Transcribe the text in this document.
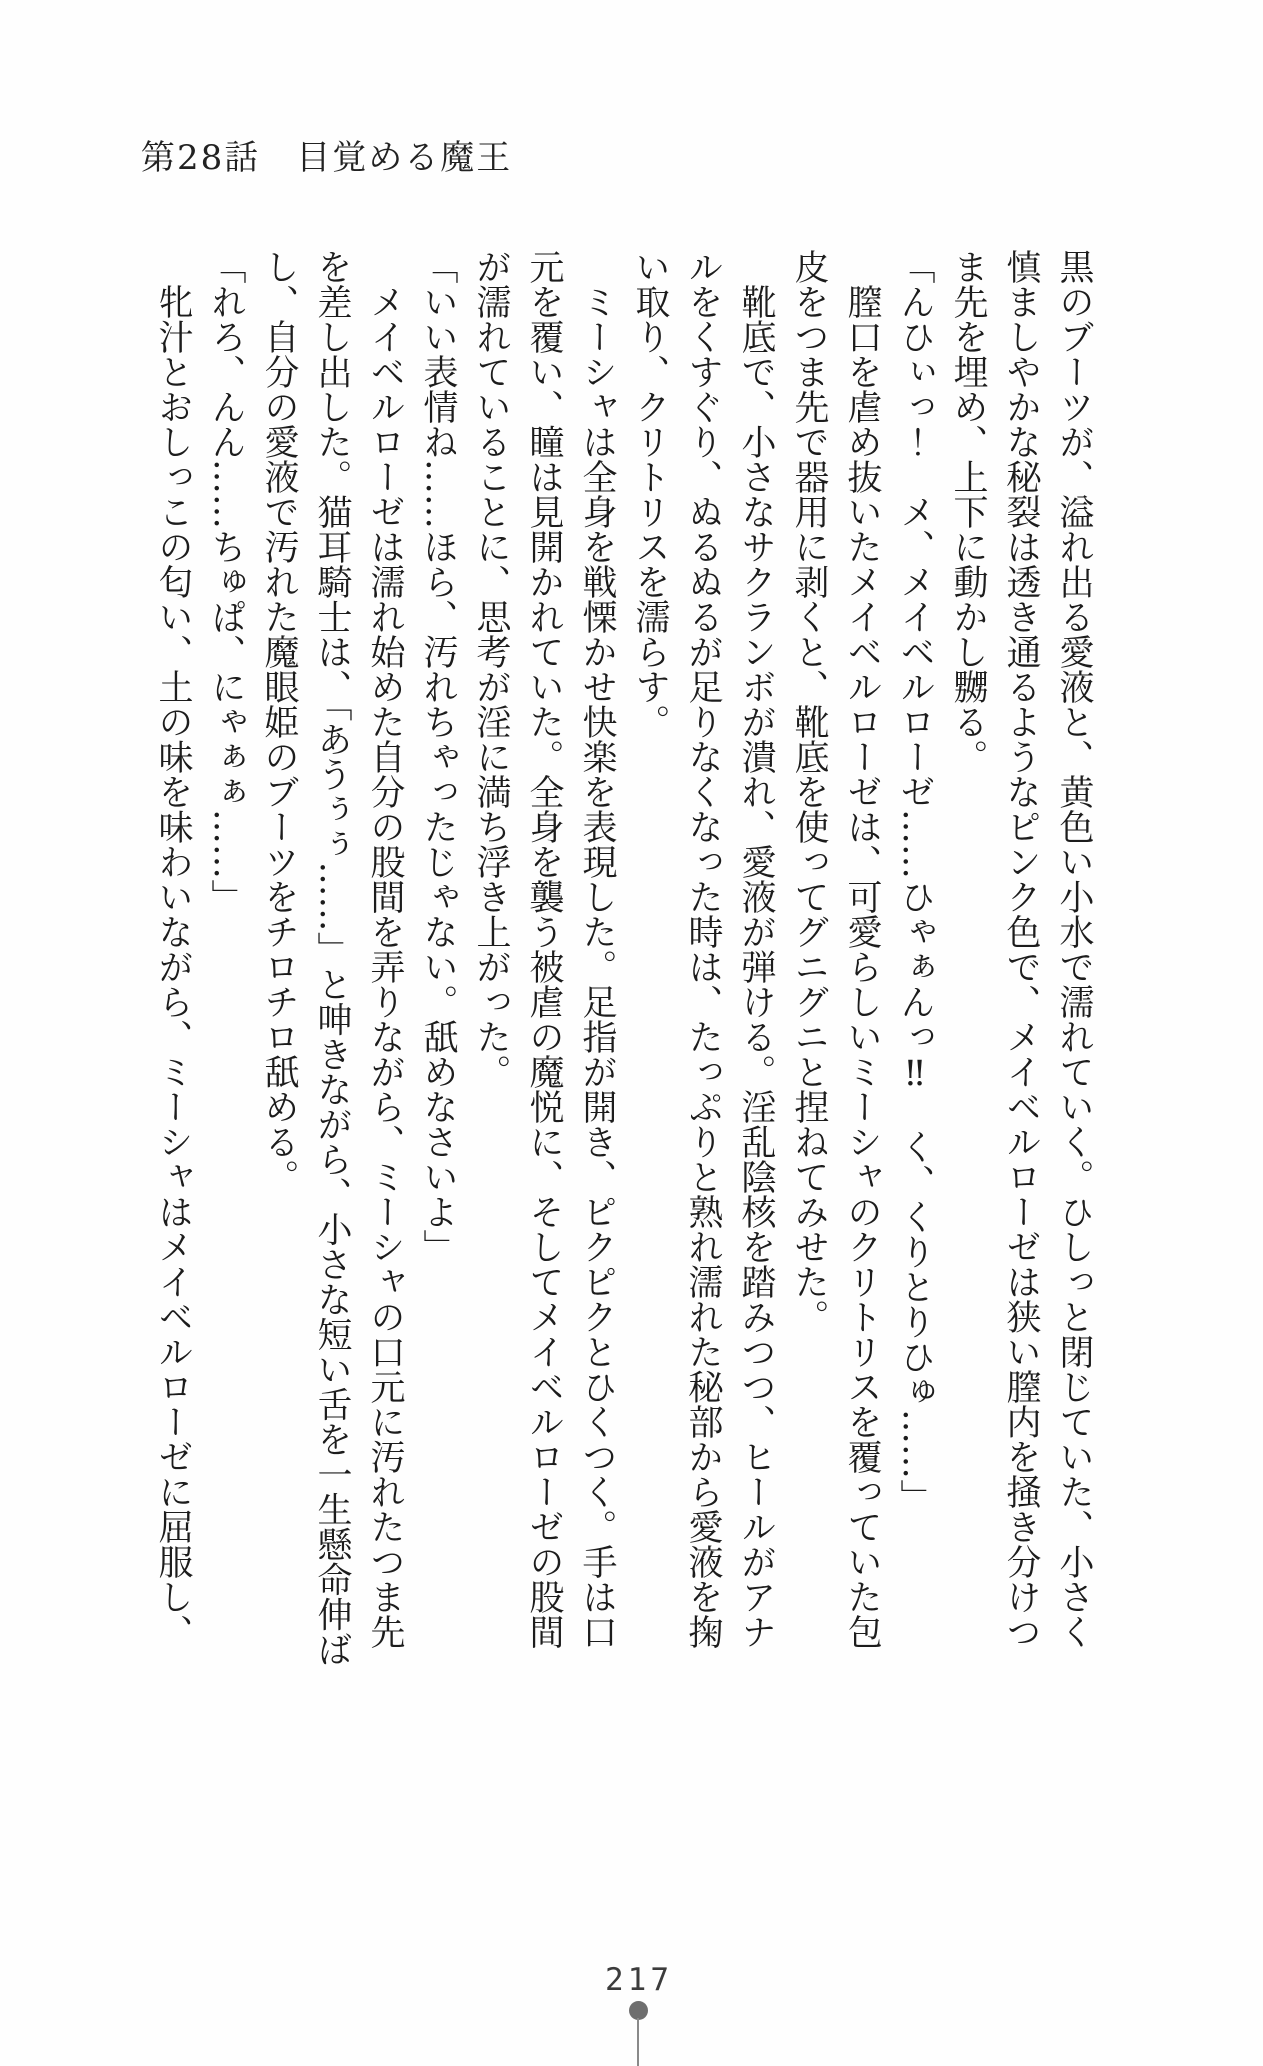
第28話　目覚める魔王

黒のブーツが、溢れ出る愛液と、黄色い小水で濡れていく。ひしっと閉じていた、小さく慎ましやかな秘裂は透き通るようなピンク色で、メイベルローゼは狭い膣内を掻き分けつま先を埋め、上下に動かし嬲る。

「んひぃっ！　メ、メイベルローゼ……ひゃぁんっ‼　く、くりとりひゅ……」

膣口を虐め抜いたメイベルローゼは、可愛らしいミーシャのクリトリスを覆っていた包皮をつま先で器用に剥くと、靴底を使ってグニグニと捏ねてみせた。

靴底で、小さなサクランボが潰れ、愛液が弾ける。淫乱陰核を踏みつつ、ヒールがアナルをくすぐり、ぬるぬるが足りなくなった時は、たっぷりと熟れ濡れた秘部から愛液を掬い取り、クリトリスを濡らす。

ミーシャは全身を戦慄かせ快楽を表現した。足指が開き、ピクピクとひくつく。手は口元を覆い、瞳は見開かれていた。全身を襲う被虐の魔悦に、そしてメイベルローゼの股間が濡れていることに、思考が淫に満ち浮き上がった。

「いい表情ね……ほら、汚れちゃったじゃない。舐めなさいよ」

メイベルローゼは濡れ始めた自分の股間を弄りながら、ミーシャの口元に汚れたつま先を差し出した。猫耳騎士は、「あうぅぅ……」と呻きながら、小さな短い舌を一生懸命伸ばし、自分の愛液で汚れた魔眼姫のブーツをチロチロ舐める。

「れろ、んん……ちゅぱ、にゃぁぁ……」

牝汁とおしっこの匂い、土の味を味わいながら、ミーシャはメイベルローゼに屈服し、

217
